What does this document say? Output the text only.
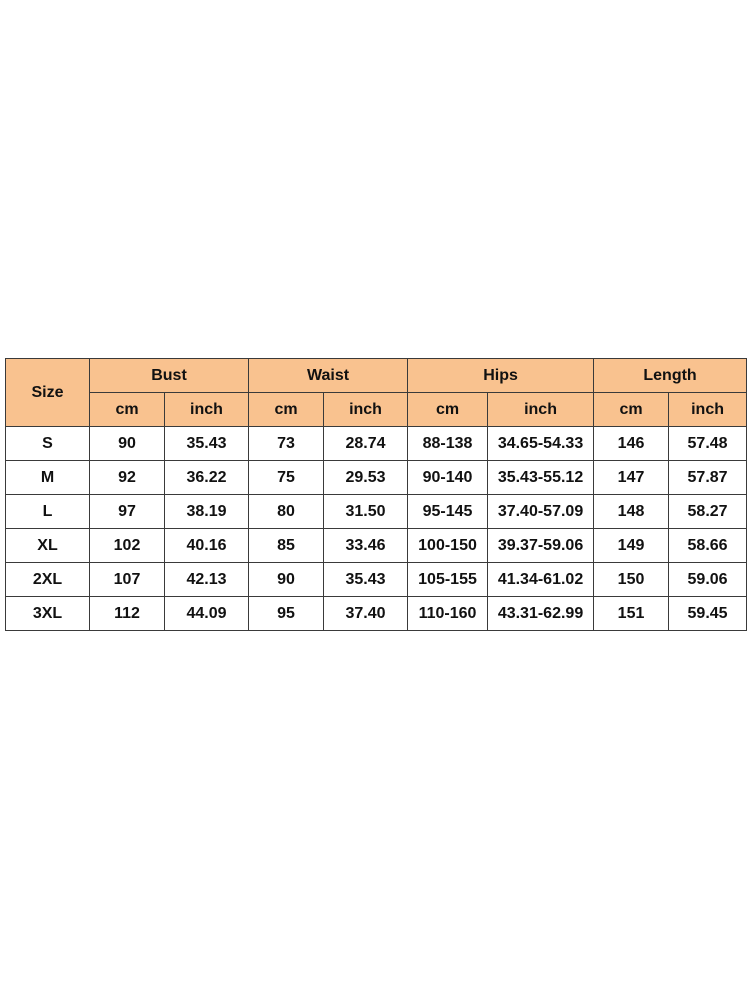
Size	Bust		Waist		Hips		Length	
	cm	inch	cm	inch	cm	inch	cm	inch
S	90	35.43	73	28.74	88-138	34.65-54.33	146	57.48
M	92	36.22	75	29.53	90-140	35.43-55.12	147	57.87
L	97	38.19	80	31.50	95-145	37.40-57.09	148	58.27
XL	102	40.16	85	33.46	100-150	39.37-59.06	149	58.66
2XL	107	42.13	90	35.43	105-155	41.34-61.02	150	59.06
3XL	112	44.09	95	37.40	110-160	43.31-62.99	151	59.45
